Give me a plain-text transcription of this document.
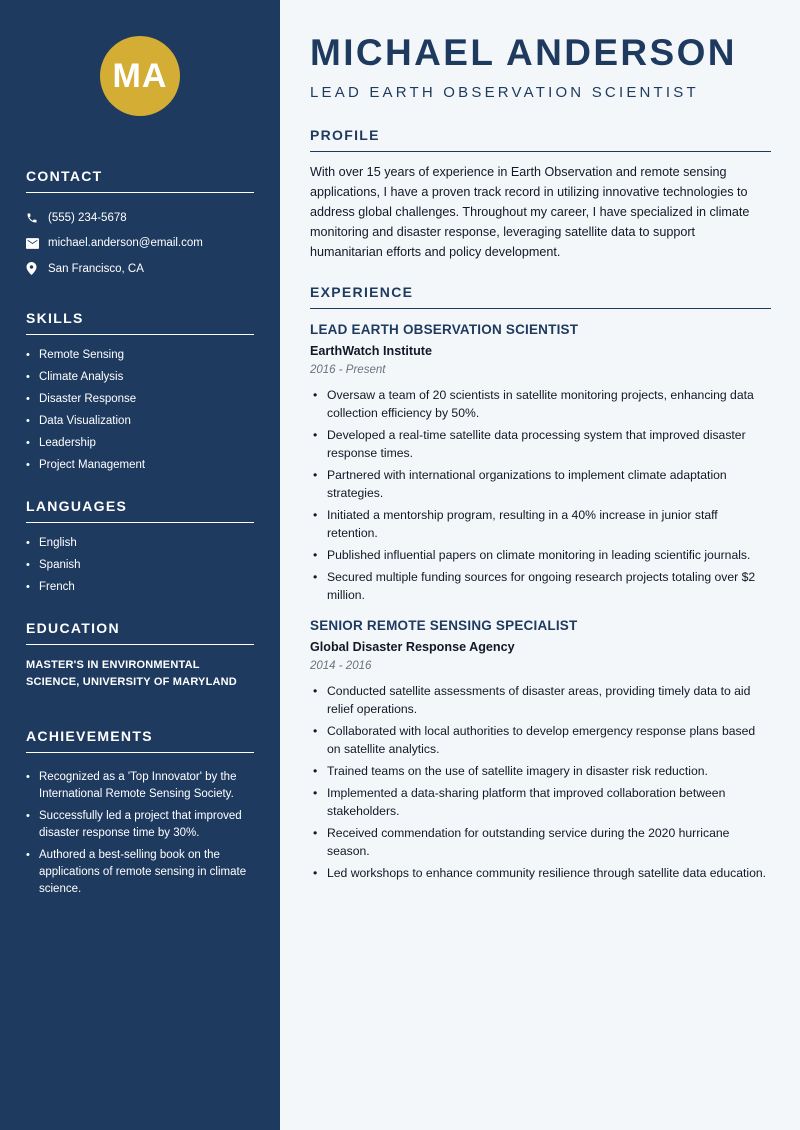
MA
CONTACT
(555) 234-5678
michael.anderson@email.com
San Francisco, CA
SKILLS
• Remote Sensing
• Climate Analysis
• Disaster Response
• Data Visualization
• Leadership
• Project Management
LANGUAGES
• English
• Spanish
• French
EDUCATION
MASTER'S IN ENVIRONMENTAL SCIENCE, UNIVERSITY OF MARYLAND
ACHIEVEMENTS
• Recognized as a 'Top Innovator' by the International Remote Sensing Society.
• Successfully led a project that improved disaster response time by 30%.
• Authored a best-selling book on the applications of remote sensing in climate science.
MICHAEL ANDERSON
LEAD EARTH OBSERVATION SCIENTIST
PROFILE

With over 15 years of experience in Earth Observation and remote sensing applications, I have a proven track record in utilizing innovative technologies to address global challenges. Throughout my career, I have specialized in climate monitoring and disaster response, leveraging satellite data to support humanitarian efforts and policy development.

EXPERIENCE
LEAD EARTH OBSERVATION SCIENTIST
EarthWatch Institute
2016 - Present
• Oversaw a team of 20 scientists in satellite monitoring projects, enhancing data collection efficiency by 50%.
• Developed a real-time satellite data processing system that improved disaster response times.
• Partnered with international organizations to implement climate adaptation strategies.
• Initiated a mentorship program, resulting in a 40% increase in junior staff retention.
• Published influential papers on climate monitoring in leading scientific journals.
• Secured multiple funding sources for ongoing research projects totaling over $2 million.
SENIOR REMOTE SENSING SPECIALIST
Global Disaster Response Agency
2014 - 2016
• Conducted satellite assessments of disaster areas, providing timely data to aid relief operations.
• Collaborated with local authorities to develop emergency response plans based on satellite analytics.
• Trained teams on the use of satellite imagery in disaster risk reduction.
• Implemented a data-sharing platform that improved collaboration between stakeholders.
• Received commendation for outstanding service during the 2020 hurricane season.
• Led workshops to enhance community resilience through satellite data education.
